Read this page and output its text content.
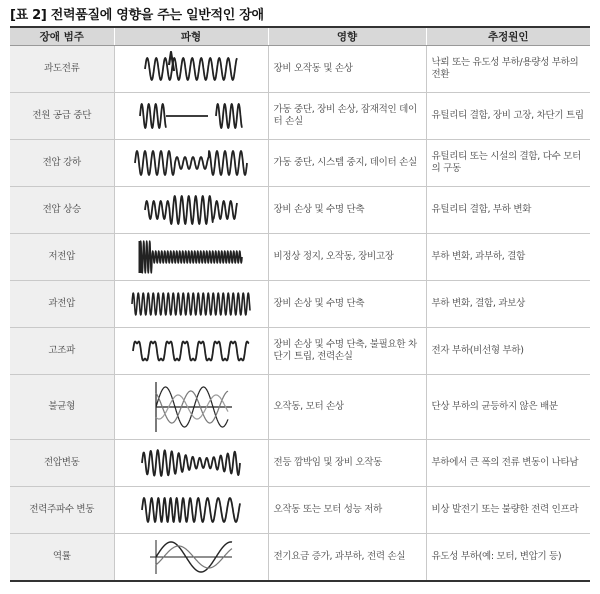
[표 2] 전력품질에 영향을 주는 일반적인 장애
장애 범주	파형	영향	추정원인
과도전류		장비 오작동 및 손상	낙뢰 또는 유도성 부하/용량성 부하의 전환
전원 공급 중단		가동 중단, 장비 손상, 잠재적인 데이터 손실	유틸리티 결함, 장비 고장, 차단기 트립
전압 강하		가동 중단, 시스템 중지, 데이터 손실	유틸리티 또는 시설의 결함, 다수 모터의 구동
전압 상승		장비 손상 및 수명 단축	유틸리티 결함, 부하 변화
저전압		비정상 정지, 오작동, 장비고장	부하 변화, 과부하, 결함
과전압		장비 손상 및 수명 단축	부하 변화, 결함, 과보상
고조파		장비 손상 및 수명 단축, 불필요한 차단기 트립, 전력손실	전자 부하(비선형 부하)
불균형		오작동, 모터 손상	단상 부하의 균등하지 않은 배분
전압변동		전등 깜박임 및 장비 오작동	부하에서 큰 폭의 전류 변동이 나타남
전력주파수 변동		오작동 또는 모터 성능 저하	비상 발전기 또는 불량한 전력 인프라
역률		전기요금 증가, 과부하, 전력 손실	유도성 부하(예: 모터, 변압기 등)
